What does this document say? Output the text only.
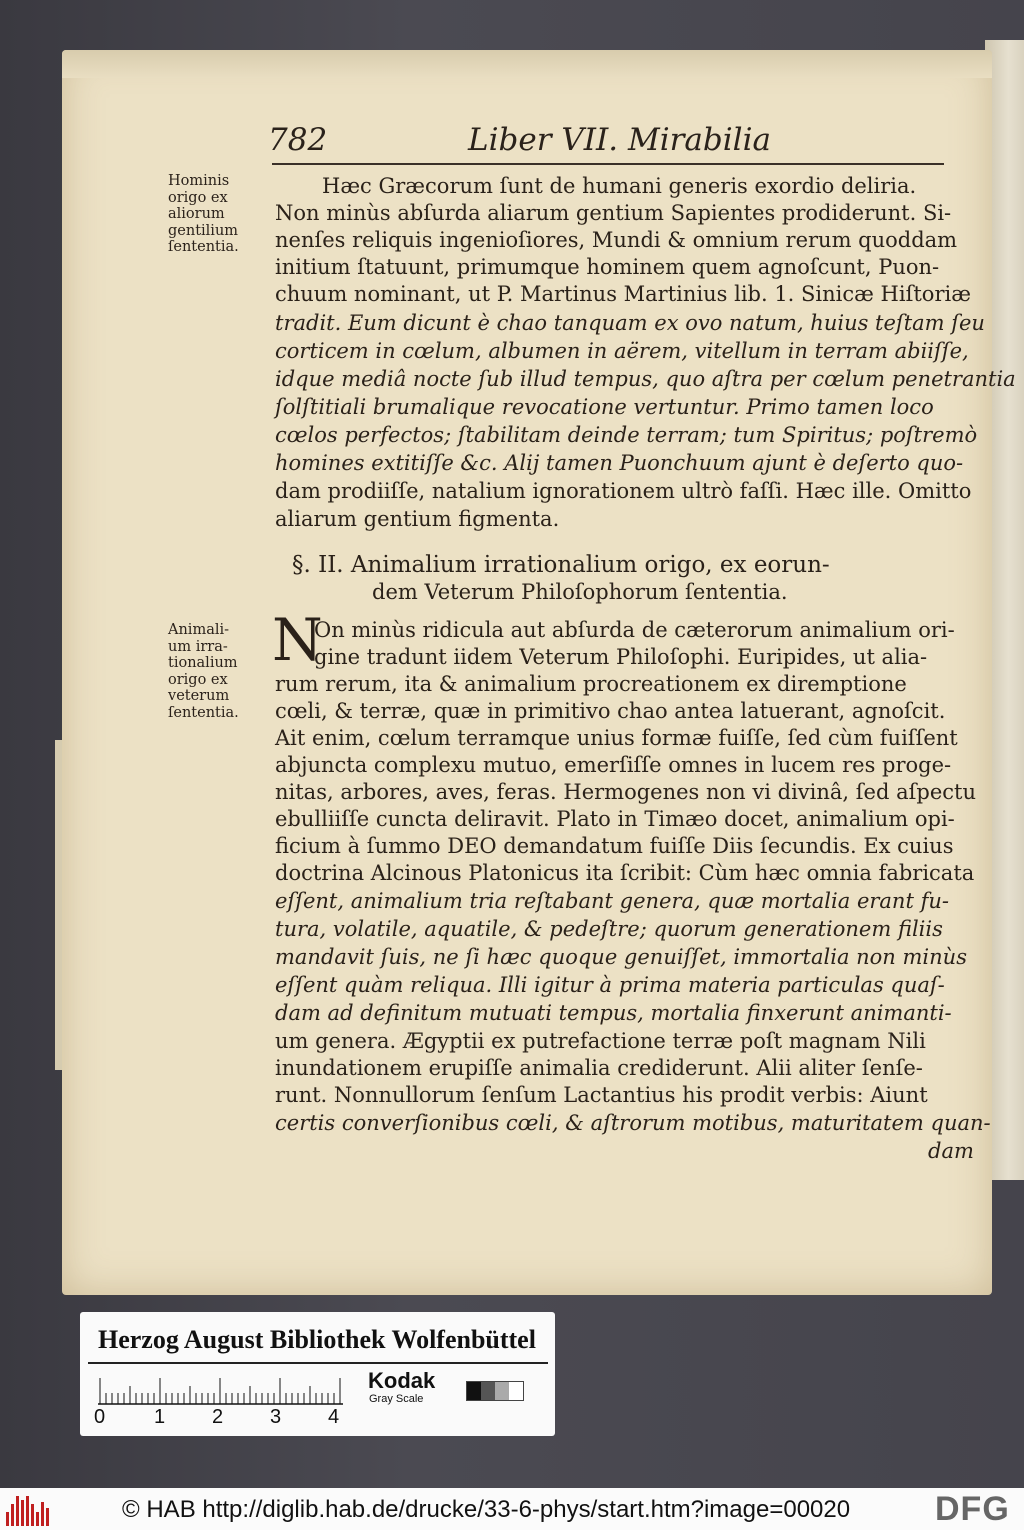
782	Liber VII. Mirabilia
Hominis
origo ex
aliorum
gentilium
ſententia.
Animali-
um irra-
tionalium
origo ex
veterum
ſententia.
Hæc Græcorum ſunt de humani generis exordio deliria.
Non minùs abſurda aliarum gentium Sapientes prodiderunt. Si-
nenſes reliquis ingenioſiores, Mundi & omnium rerum quoddam
initium ſtatuunt, primumque hominem quem agnoſcunt, Puon-
chuum nominant, ut P. Martinus Martinius lib. 1. Sinicæ Hiſtoriæ
tradit. Eum dicunt è chao tanquam ex ovo natum, huius teſtam ſeu
corticem in cœlum, albumen in aërem, vitellum in terram abiiſſe,
idque mediâ nocte ſub illud tempus, quo aſtra per cœlum penetrantia
ſolſtitiali brumalique revocatione vertuntur. Primo tamen loco
cœlos perfectos; ſtabilitam deinde terram; tum Spiritus; poſtremò
homines extitiſſe &c. Alij tamen Puonchuum ajunt è deſerto quo-
dam prodiiſſe, natalium ignorationem ultrò faſſi. Hæc ille. Omitto
aliarum gentium figmenta.
§. II. Animalium irrationalium origo, ex eorun-
dem Veterum Philoſophorum ſententia.
N
On minùs ridicula aut abſurda de cæterorum animalium ori-
gine tradunt iidem Veterum Philoſophi. Euripides, ut alia-
rum rerum, ita & animalium procreationem ex diremptione
cœli, & terræ, quæ in primitivo chao antea latuerant, agnoſcit.
Ait enim, cœlum terramque unius formæ fuiſſe, ſed cùm fuiſſent
abjuncta complexu mutuo, emerſiſſe omnes in lucem res proge-
nitas, arbores, aves, feras. Hermogenes non vi divinâ, ſed aſpectu
ebulliiſſe cuncta deliravit. Plato in Timæo docet, animalium opi-
ficium à ſummo DEO demandatum fuiſſe Diis ſecundis. Ex cuius
doctrina Alcinous Platonicus ita ſcribit: Cùm hæc omnia fabricata
eſſent, animalium tria reſtabant genera, quæ mortalia erant fu-
tura, volatile, aquatile, & pedeſtre; quorum generationem filiis
mandavit ſuis, ne ſi hæc quoque genuiſſet, immortalia non minùs
eſſent quàm reliqua. Illi igitur à prima materia particulas quaſ-
dam ad definitum mutuati tempus, mortalia finxerunt animanti-
um genera. Ægyptii ex putrefactione terræ poſt magnam Nili
inundationem erupiſſe animalia crediderunt. Alii aliter ſenſe-
runt. Nonnullorum ſenſum Lactantius his prodit verbis: Aiunt
certis converſionibus cœli, & aſtrorum motibus, maturitatem quan-
dam
Herzog August Bibliothek Wolfenbüttel
0 1 2 3 4
Kodak
Gray Scale
© HAB http://diglib.hab.de/drucke/33-6-phys/start.htm?image=00020 DFG
